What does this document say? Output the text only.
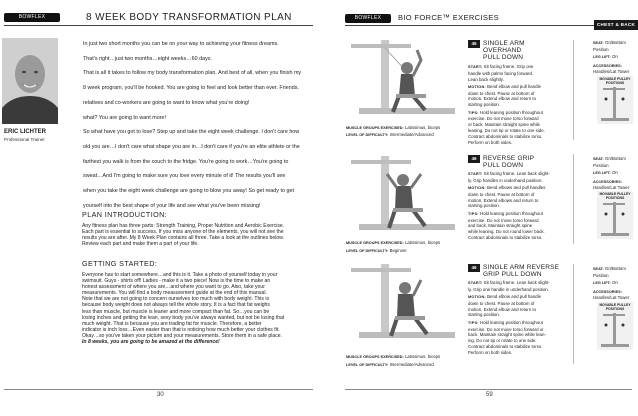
BOWFLEX	8 WEEK BODY TRANSFORMATION PLAN
ERIC LICHTER
Professional Trainer

In just two short months you can be on your way to achieving your fitness dreams.

That's right…just two months…eight weeks…60 days.

That is all it takes to follow my body transformation plan. And best of all, when you finish my

8 week program, you'll be hooked. You are going to feel and look better than ever. Friends,

relatives and co-workers are going to want to know what you're doing!

what? You are going to want more!

So what have you got to lose? Step up and take the eight week challenge. I don't care how

old you are…I don't care what shape you are in…I don't care if you're an elite athlete or the

farthest you walk is from the couch to the fridge. You're going to work…You're going to

sweat…And I'm going to make sure you love every minute of it! The results you'll see

when you take the eight week challenge are going to blow you away! So get ready to get

yourself into the best shape of your life and see what you've been missing!

PLAN INTRODUCTION:

Any fitness plan has three parts: Strength Training, Proper Nutrition and Aerobic Exercise.

Each part is essential to success. If you miss anyone of the elements, you will not see the

results you are after. My 8 Week Plan contains all three. Take a look at the outlines below.

Review each part and make them a part of your life.

GETTING STARTED:

Everyone has to start somewhere…and this is it. Take a photo of yourself today in your

swimsuit. Guys - shirts off! Ladies - make it a two piece! Now is the time to make an

honest assessment of where you are…and where you want to go. Also, take your

measurements. You will find a body measurement guide at the end of this manual.

Note that we are not going to concern ourselves too much with body weight. This is

because body weight does not always tell the whole story. It is a fact that fat weighs

less than muscle, but muscle is leaner and more compact than fat. So…you can be

losing inches and getting the lean, sexy body you've always wanted, but not be losing that

much weight. That is because you are trading fat for muscle. Therefore, a better

indicator is inch loss…Even easier than that is noticing how much better your clothes fit.

Okay…so you've taken your picture and your measurements. Store them in a safe place.

In 8 weeks, you are going to be amazed at the difference!

30
BOWFLEX	BIO FORCE™ EXERCISES
CHEST & BACK
45	SINGLE ARM
OVERHAND
PULL DOWN

START: Sit facing frame. Grip one
handle with palms facing forward.
Lean back slightly.

MOTION: Bend elbow and pull handle
down to chest. Pause at bottom of
motion. Extend elbow and return to
starting position.

TIPS: Hold leaning position throughout
exercise. Do not move torso forward
or back. Maintain straight spine while
leaning. Do not tip or rotate to one side.
Contract abdominals to stabilize torso.
Perform on both sides.

SEAT: On/Bottom
Position
LEG LIFT: On
ACCESSORIES:
Handles/Lat Tower
MOVABLE PULLEY
POSITIONS
MUSCLE GROUPS EXERCISED: Latissimus, biceps
LEVEL OF DIFFICULTY: Intermediate/Advanced
46	REVERSE GRIP
PULL DOWN

START: Sit facing frame. Lean back slight-
ly. Grip handles in underhand position.

MOTION: Bend elbows and pull handles
down to chest. Pause at bottom of
motion. Extend elbows and return to
starting position.

TIPS: Hold leaning position throughout
exercise. Do not move torso forward
and back. Maintain straight spine
while leaning. Do not round lower back.
Contract abdominals to stabilize torso.

SEAT: On/Bottom
Position
LEG LIFT: On
ACCESSORIES:
Handles/Lat Tower
MOVABLE PULLEY
POSITIONS
MUSCLE GROUPS EXERCISED: Latissimus, biceps
LEVEL OF DIFFICULTY: Beginner
46	SINGLE ARM REVERSE
GRIP PULL DOWN

START: Sit facing frame. Lean back slight-
ly. Grip one handle in underhand position.

MOTION: Bend elbow and pull handle
down to chest. Pause at bottom of
motion. Extend elbow and return to
starting position.

TIPS: Hold leaning position throughout
exercise. Do not move torso forward or
back. Maintain straight spine while lean-
ing. Do not tip or rotate to one side.
Contract abdominals to stabilize torso.
Perform on both sides.

SEAT: On/Bottom
Position
LEG LIFT: On
ACCESSORIES:
Handles/Lat Tower
MOVABLE PULLEY
POSITIONS
MUSCLE GROUPS EXERCISED: Latissimus, biceps
LEVEL OF DIFFICULTY: Intermediate/Advanced
59
